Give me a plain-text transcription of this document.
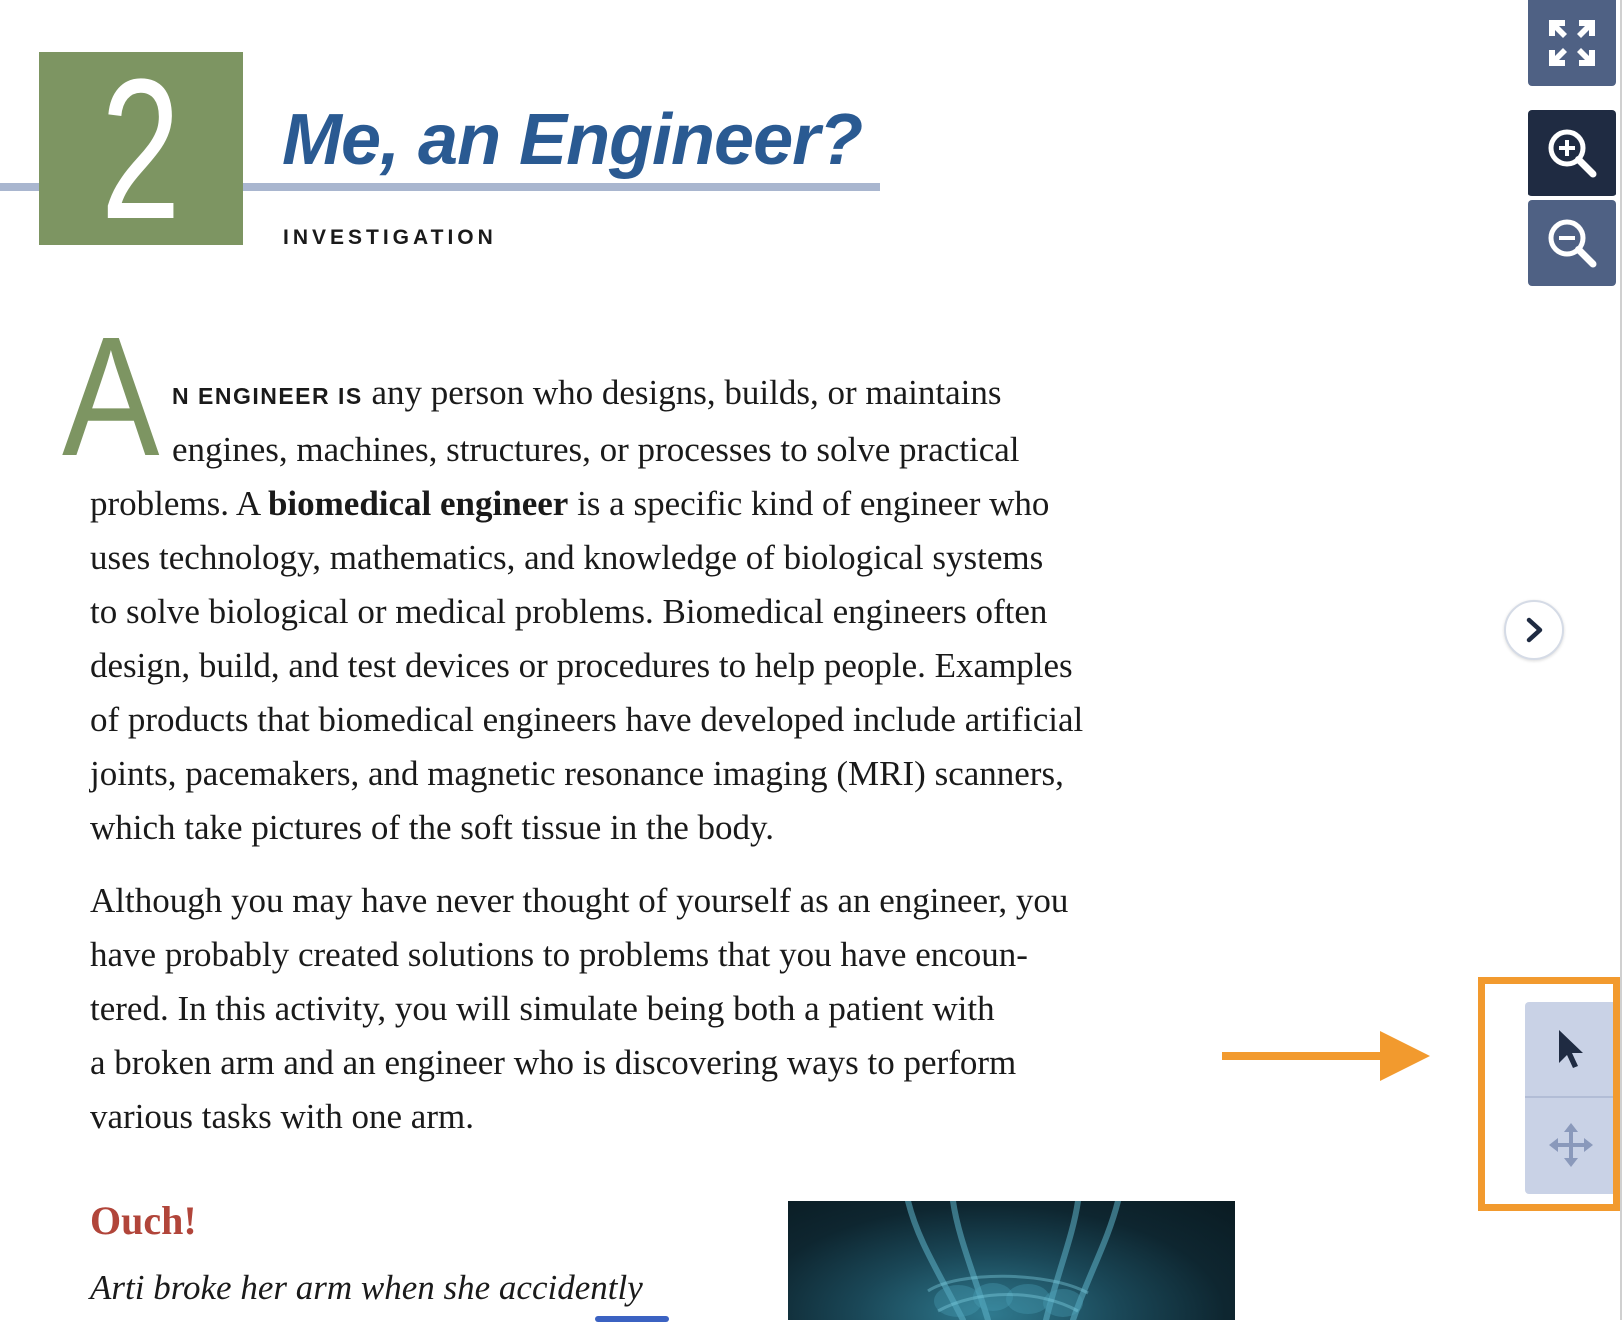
2 Me, an Engineer?
INVESTIGATION
A N ENGINEER IS any person who designs, builds, or maintains
engines, machines, structures, or processes to solve practical
problems. A biomedical engineer is a specific kind of engineer who
uses technology, mathematics, and knowledge of biological systems
to solve biological or medical problems. Biomedical engineers often
design, build, and test devices or procedures to help people. Examples
of products that biomedical engineers have developed include artificial
joints, pacemakers, and magnetic resonance imaging (MRI) scanners,
which take pictures of the soft tissue in the body.

Although you may have never thought of yourself as an engineer, you
have probably created solutions to problems that you have encoun-
tered. In this activity, you will simulate being both a patient with
a broken arm and an engineer who is discovering ways to perform
various tasks with one arm.

Ouch!
Arti broke her arm when she accidently
